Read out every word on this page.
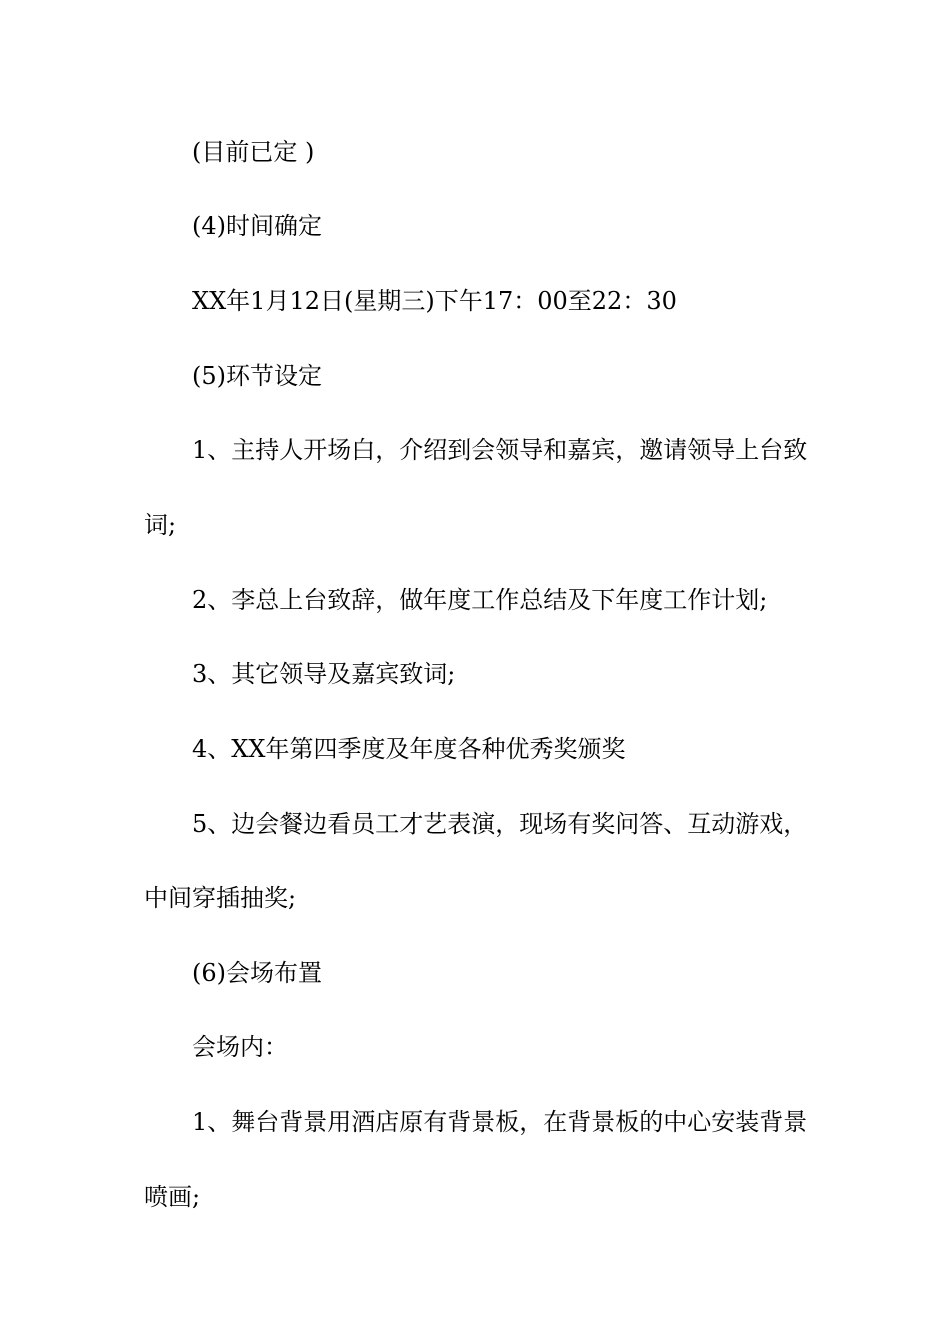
(目前已定 )
(4)时间确定
XX年1月12日(星期三)下午17：00至22：30
(5)环节设定
1、主持人开场白，介绍到会领导和嘉宾，邀请领导上台致
词;
2、李总上台致辞，做年度工作总结及下年度工作计划;
3、其它领导及嘉宾致词;
4、XX年第四季度及年度各种优秀奖颁奖
5、边会餐边看员工才艺表演，现场有奖问答、互动游戏，
中间穿插抽奖;
(6)会场布置
会场内：
1、舞台背景用酒店原有背景板，在背景板的中心安装背景
喷画;
